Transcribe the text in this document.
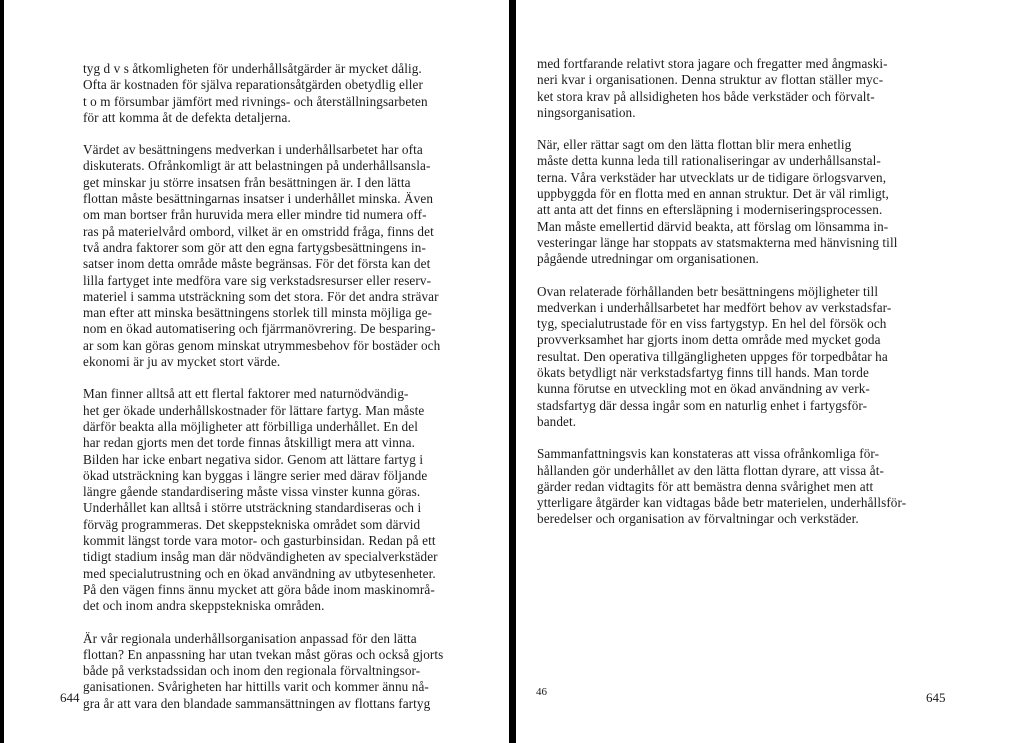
tyg d v s åtkomligheten för underhållsåtgärder är mycket dålig.
Ofta är kostnaden för själva reparationsåtgärden obetydlig eller
t o m försumbar jämfört med rivnings- och återställningsarbeten
för att komma åt de defekta detaljerna.
Värdet av besättningens medverkan i underhållsarbetet har ofta
diskuterats. Ofrånkomligt är att belastningen på underhållsansla-
get minskar ju större insatsen från besättningen är. I den lätta
flottan måste besättningarnas insatser i underhållet minska. Även
om man bortser från huruvida mera eller mindre tid numera off-
ras på materielvård ombord, vilket är en omstridd fråga, finns det
två andra faktorer som gör att den egna fartygsbesättningens in-
satser inom detta område måste begränsas. För det första kan det
lilla fartyget inte medföra vare sig verkstadsresurser eller reserv-
materiel i samma utsträckning som det stora. För det andra strävar
man efter att minska besättningens storlek till minsta möjliga ge-
nom en ökad automatisering och fjärrmanövrering. De besparing-
ar som kan göras genom minskat utrymmesbehov för bostäder och
ekonomi är ju av mycket stort värde.
Man finner alltså att ett flertal faktorer med naturnödvändig-
het ger ökade underhållskostnader för lättare fartyg. Man måste
därför beakta alla möjligheter att förbilliga underhållet. En del
har redan gjorts men det torde finnas åtskilligt mera att vinna.
Bilden har icke enbart negativa sidor. Genom att lättare fartyg i
ökad utsträckning kan byggas i längre serier med därav följande
längre gående standardisering måste vissa vinster kunna göras.
Underhållet kan alltså i större utsträckning standardiseras och i
förväg programmeras. Det skeppstekniska området som därvid
kommit längst torde vara motor- och gasturbinsidan. Redan på ett
tidigt stadium insåg man där nödvändigheten av specialverkstäder
med specialutrustning och en ökad användning av utbytesenheter.
På den vägen finns ännu mycket att göra både inom maskinområ-
det och inom andra skeppstekniska områden.
Är vår regionala underhållsorganisation anpassad för den lätta
flottan? En anpassning har utan tvekan måst göras och också gjorts
både på verkstadssidan och inom den regionala förvaltningsor-
ganisationen. Svårigheten har hittills varit och kommer ännu nå-
gra år att vara den blandade sammansättningen av flottans fartyg
644
med fortfarande relativt stora jagare och fregatter med ångmaski-
neri kvar i organisationen. Denna struktur av flottan ställer myc-
ket stora krav på allsidigheten hos både verkstäder och förvalt-
ningsorganisation.
När, eller rättar sagt om den lätta flottan blir mera enhetlig
måste detta kunna leda till rationaliseringar av underhållsanstal-
terna. Våra verkstäder har utvecklats ur de tidigare örlogsvarven,
uppbyggda för en flotta med en annan struktur. Det är väl rimligt,
att anta att det finns en eftersläpning i moderniseringsprocessen.
Man måste emellertid därvid beakta, att förslag om lönsamma in-
vesteringar länge har stoppats av statsmakterna med hänvisning till
pågående utredningar om organisationen.
Ovan relaterade förhållanden betr besättningens möjligheter till
medverkan i underhållsarbetet har medfört behov av verkstadsfar-
tyg, specialutrustade för en viss fartygstyp. En hel del försök och
provverksamhet har gjorts inom detta område med mycket goda
resultat. Den operativa tillgängligheten uppges för torpedbåtar ha
ökats betydligt när verkstadsfartyg finns till hands. Man torde
kunna förutse en utveckling mot en ökad användning av verk-
stadsfartyg där dessa ingår som en naturlig enhet i fartygsför-
bandet.
Sammanfattningsvis kan konstateras att vissa ofrånkomliga för-
hållanden gör underhållet av den lätta flottan dyrare, att vissa åt-
gärder redan vidtagits för att bemästra denna svårighet men att
ytterligare åtgärder kan vidtagas både betr materielen, underhållsför-
beredelser och organisation av förvaltningar och verkstäder.
46	645
